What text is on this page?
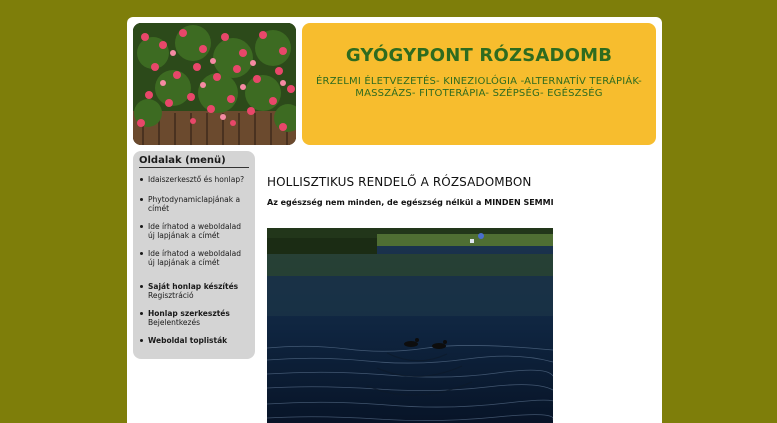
GYÓGYPONT RÓZSADOMB

ÉRZELMI ÉLETVEZETÉS- KINEZIOLÓGIA -ALTERNATÍV TERÁPIÁK- MASSZÁZS- FITOTERÁPIA- SZÉPSÉG- EGÉSZSÉG

Oldalak (menü)
Idaiszerkesztő és honlap?
Phytodynamiclapjának a címét
Ide írhatod a weboldalad új lapjának a címét
Ide írhatod a weboldalad új lapjának a címét
Saját honlap készítés
Regisztráció
Honlap szerkesztés
Bejelentkezés
Weboldal toplisták
HOLLISZTIKUS RENDELŐ A RÓZSADOMBON

Az egészség nem minden, de egészség nélkül a MINDEN SEMMI
